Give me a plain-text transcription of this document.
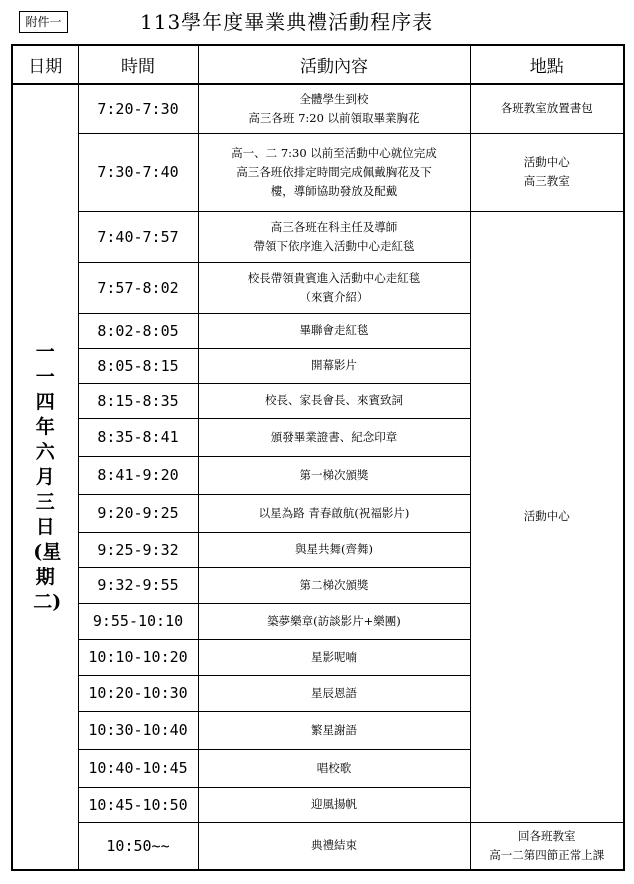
附件一	113學年度畢業典禮活動程序表
日期	時間	活動內容	地點
一一四年六月三日(星期二)	7:20-7:30	全體學生到校
高三各班 7:20 以前領取畢業胸花	各班教室放置書包

	7:30-7:40	高一、二 7:30 以前至活動中心就位完成
高三各班依排定時間完成佩戴胸花及下
樓，導師協助發放及配戴	活動中心
高三教室

	7:40-7:57	高三各班在科主任及導師
帶領下依序進入活動中心走紅毯	活動中心

	7:57-8:02	校長帶領貴賓進入活動中心走紅毯
（來賓介紹）	

	8:02-8:05	畢聯會走紅毯	
	8:05-8:15	開幕影片	
	8:15-8:35	校長、家長會長、來賓致詞	
	8:35-8:41	頒發畢業證書、紀念印章	
	8:41-9:20	第一梯次頒獎	
	9:20-9:25	以星為路 青春啟航(祝福影片)	
	9:25-9:32	與星共舞(齊舞)	
	9:32-9:55	第二梯次頒獎	
	9:55-10:10	築夢樂章(訪談影片+樂團)	
	10:10-10:20	星影呢喃	
	10:20-10:30	星辰恩語	
	10:30-10:40	繁星謝語	
	10:40-10:45	唱校歌	
	10:45-10:50	迎風揚帆	
	10:50~~	典禮結束	回各班教室
高一二第四節正常上課
